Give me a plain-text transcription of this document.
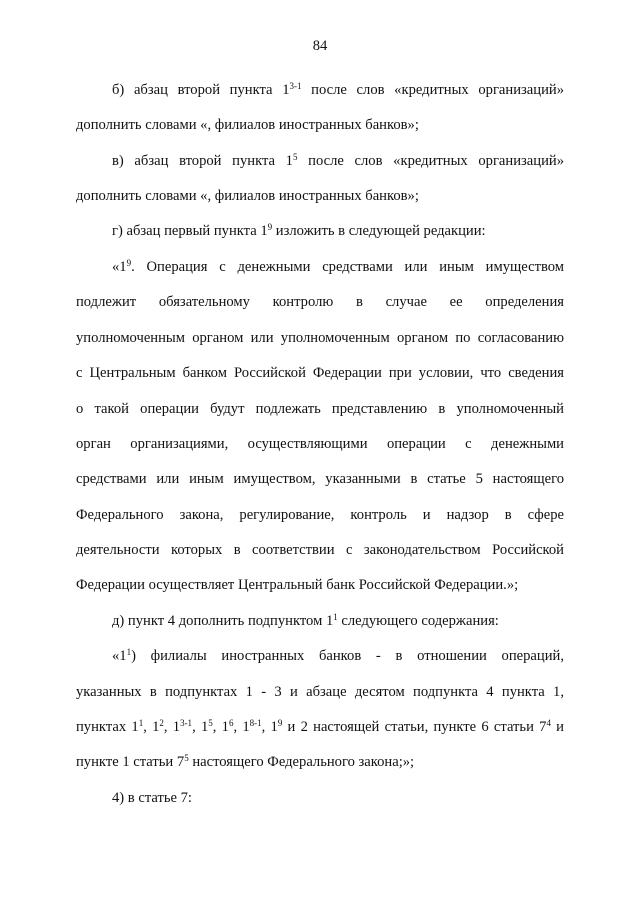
84
б) абзац второй пункта 1$^{3-1}$ после слов «кредитных организаций»
дополнить словами «, филиалов иностранных банков»;
в) абзац второй пункта $1^5$ после слов «кредитных организаций»
дополнить словами «, филиалов иностранных банков»;
г) абзац первый пункта $1^9$ изложить в следующей редакции:
«$1^9$. Операция с денежными средствами или иным имуществом
подлежит обязательному контролю в случае ее определения
уполномоченным органом или уполномоченным органом по согласованию
с Центральным банком Российской Федерации при условии, что сведения
о такой операции будут подлежать представлению в уполномоченный
орган организациями, осуществляющими операции с денежными
средствами или иным имуществом, указанными в статье 5 настоящего
Федерального закона, регулирование, контроль и надзор в сфере
деятельности которых в соответствии с законодательством Российской
Федерации осуществляет Центральный банк Российской Федерации.»;
д) пункт 4 дополнить подпунктом $1^1$ следующего содержания:
«$1^1$) филиалы иностранных банков - в отношении операций,
указанных в подпунктах 1 - 3 и абзаце десятом подпункта 4 пункта 1,
пунктах $1^1$, $1^2$, 1$^{3-1}$, $1^5$, $1^6$, 1$^{8-1}$, $1^9$ и 2 настоящей статьи, пункте 6 статьи $7^4$ и
пункте 1 статьи $7^5$ настоящего Федерального закона;»;
4) в статье 7:
